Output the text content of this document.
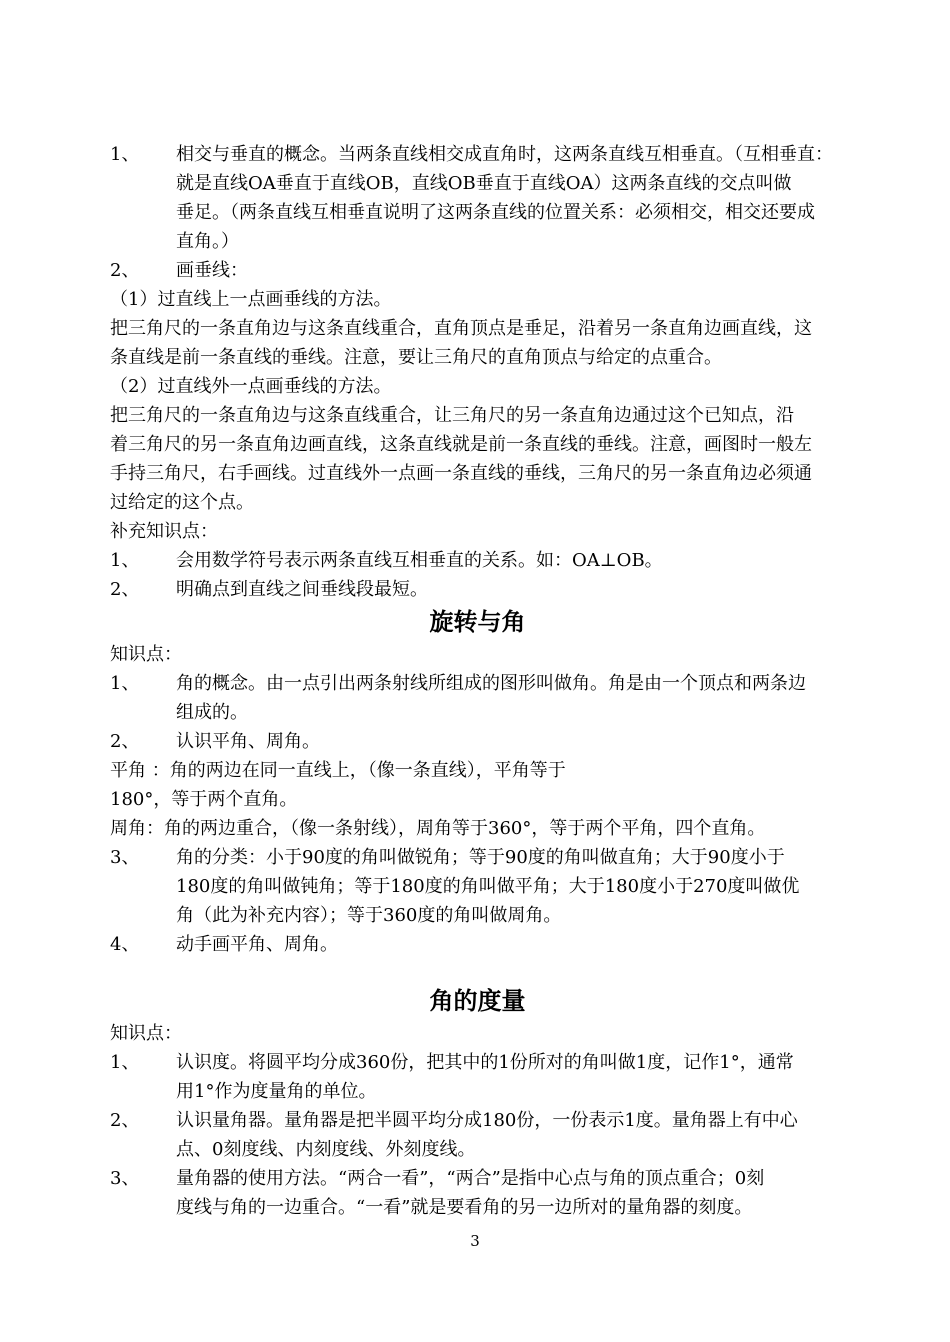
1、	相交与垂直的概念。当两条直线相交成直角时，这两条直线互相垂直。（互相垂直：
就是直线OA垂直于直线OB，直线OB垂直于直线OA）这两条直线的交点叫做
垂足。（两条直线互相垂直说明了这两条直线的位置关系：必须相交，相交还要成
直角。）
2、	画垂线：
（1）过直线上一点画垂线的方法。
把三角尺的一条直角边与这条直线重合，直角顶点是垂足，沿着另一条直角边画直线，这
条直线是前一条直线的垂线。注意，要让三角尺的直角顶点与给定的点重合。
（2）过直线外一点画垂线的方法。
把三角尺的一条直角边与这条直线重合，让三角尺的另一条直角边通过这个已知点，沿
着三角尺的另一条直角边画直线，这条直线就是前一条直线的垂线。注意，画图时一般左
手持三角尺，右手画线。过直线外一点画一条直线的垂线，三角尺的另一条直角边必须通
过给定的这个点。
补充知识点：
1、	会用数学符号表示两条直线互相垂直的关系。如：OA⊥OB。
2、	明确点到直线之间垂线段最短。
旋转与角
知识点：
1、	角的概念。由一点引出两条射线所组成的图形叫做角。角是由一个顶点和两条边
组成的。
2、	认识平角、周角。
平角 ：角的两边在同一直线上，（像一条直线），平角等于
180°，等于两个直角。
周角：角的两边重合，（像一条射线），周角等于360°，等于两个平角，四个直角。
3、	角的分类：小于90度的角叫做锐角；等于90度的角叫做直角；大于90度小于
180度的角叫做钝角；等于180度的角叫做平角；大于180度小于270度叫做优
角（此为补充内容）；等于360度的角叫做周角。
4、	动手画平角、周角。
角的度量
知识点：
1、	认识度。将圆平均分成360份，把其中的1份所对的角叫做1度，记作1°，通常
用1°作为度量角的单位。
2、	认识量角器。量角器是把半圆平均分成180份，一份表示1度。量角器上有中心
点、0刻度线、内刻度线、外刻度线。
3、	量角器的使用方法。“两合一看”，“两合”是指中心点与角的顶点重合；0刻
度线与角的一边重合。“一看”就是要看角的另一边所对的量角器的刻度。
3
